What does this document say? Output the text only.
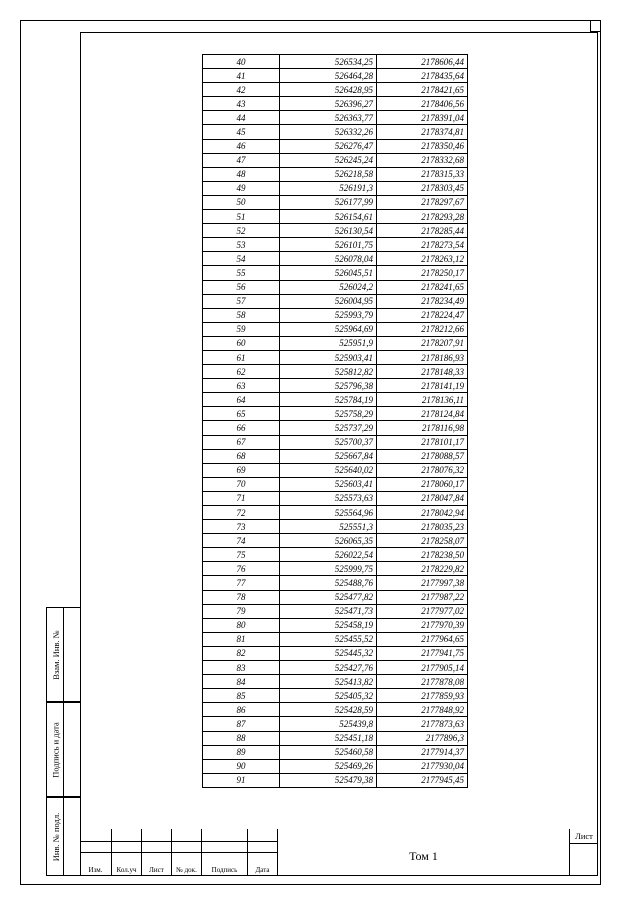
Взам. Инв. №
Подпись и дата
Инв. № подл.
40	526534,25	2178606,44
41	526464,28	2178435,64
42	526428,95	2178421,65
43	526396,27	2178406,56
44	526363,77	2178391,04
45	526332,26	2178374,81
46	526276,47	2178350,46
47	526245,24	2178332,68
48	526218,58	2178315,33
49	526191,3	2178303,45
50	526177,99	2178297,67
51	526154,61	2178293,28
52	526130,54	2178285,44
53	526101,75	2178273,54
54	526078,04	2178263,12
55	526045,51	2178250,17
56	526024,2	2178241,65
57	526004,95	2178234,49
58	525993,79	2178224,47
59	525964,69	2178212,66
60	525951,9	2178207,91
61	525903,41	2178186,93
62	525812,82	2178148,33
63	525796,38	2178141,19
64	525784,19	2178136,11
65	525758,29	2178124,84
66	525737,29	2178116,98
67	525700,37	2178101,17
68	525667,84	2178088,57
69	525640,02	2178076,32
70	525603,41	2178060,17
71	525573,63	2178047,84
72	525564,96	2178042,94
73	525551,3	2178035,23
74	526065,35	2178258,07
75	526022,54	2178238,50
76	525999,75	2178229,82
77	525488,76	2177997,38
78	525477,82	2177987,22
79	525471,73	2177977,02
80	525458,19	2177970,39
81	525455,52	2177964,65
82	525445,32	2177941,75
83	525427,76	2177905,14
84	525413,82	2177878,08
85	525405,32	2177859,93
86	525428,59	2177848,92
87	525439,8	2177873,63
88	525451,18	2177896,3
89	525460,58	2177914,37
90	525469,26	2177930,04
91	525479,38	2177945,45
Изм.	Кол.уч	Лист	№ док.	Подпись	Дата
Том 1
Лист
